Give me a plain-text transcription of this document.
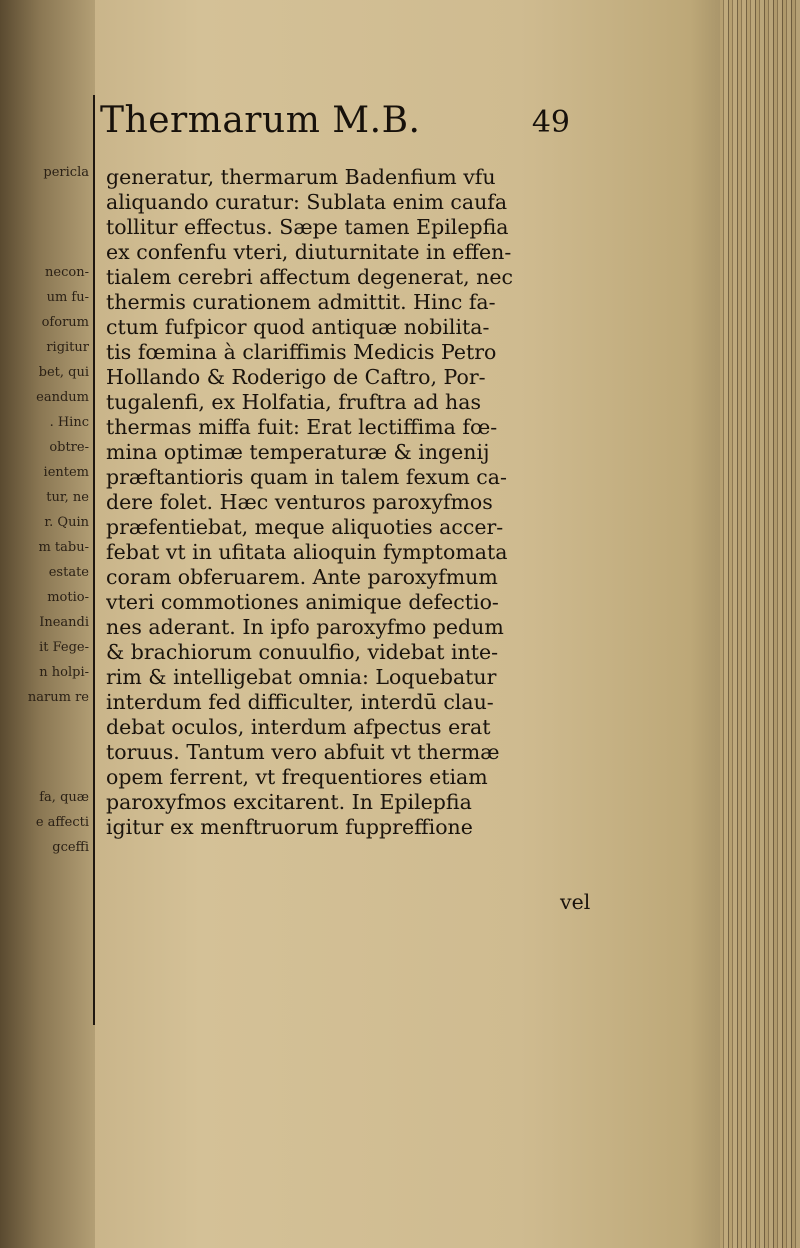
Thermarum M.B.	49
pericla
necon-
um fu-
oforum
rigitur
bet, qui
eandum
. Hinc
obtre-
ientem
tur, ne
r. Quin
m tabu-
estate
motio-
Ineandi
it Fege-
n holpi-
narum re
fa, quæ
e affecti
gceffi
generatur, thermarum Badenfium vfu
aliquando curatur: Sublata enim caufa
tollitur effectus. Sæpe tamen Epilepfia
ex confenfu vteri, diuturnitate in effen-
tialem cerebri affectum degenerat, nec
thermis curationem admittit. Hinc fa-
ctum fufpicor quod antiquæ nobilita-
tis fœmina à clariffimis Medicis Petro
Hollando & Roderigo de Caftro, Por-
tugalenfi, ex Holfatia, fruftra ad has
thermas miffa fuit: Erat lectiffima fœ-
mina optimæ temperaturæ & ingenij
præftantioris quam in talem fexum ca-
dere folet. Hæc venturos paroxyfmos
præfentiebat, meque aliquoties accer-
febat vt in ufitata alioquin fymptomata
coram obferuarem. Ante paroxyfmum
vteri commotiones animique defectio-
nes aderant. In ipfo paroxyfmo pedum
& brachiorum conuulfio, videbat inte-
rim & intelligebat omnia: Loquebatur
interdum fed difficulter, interdū clau-
debat oculos, interdum afpectus erat
toruus. Tantum vero abfuit vt thermæ
opem ferrent, vt frequentiores etiam
paroxyfmos excitarent. In Epilepfia
igitur ex menftruorum fuppreffione
vel
